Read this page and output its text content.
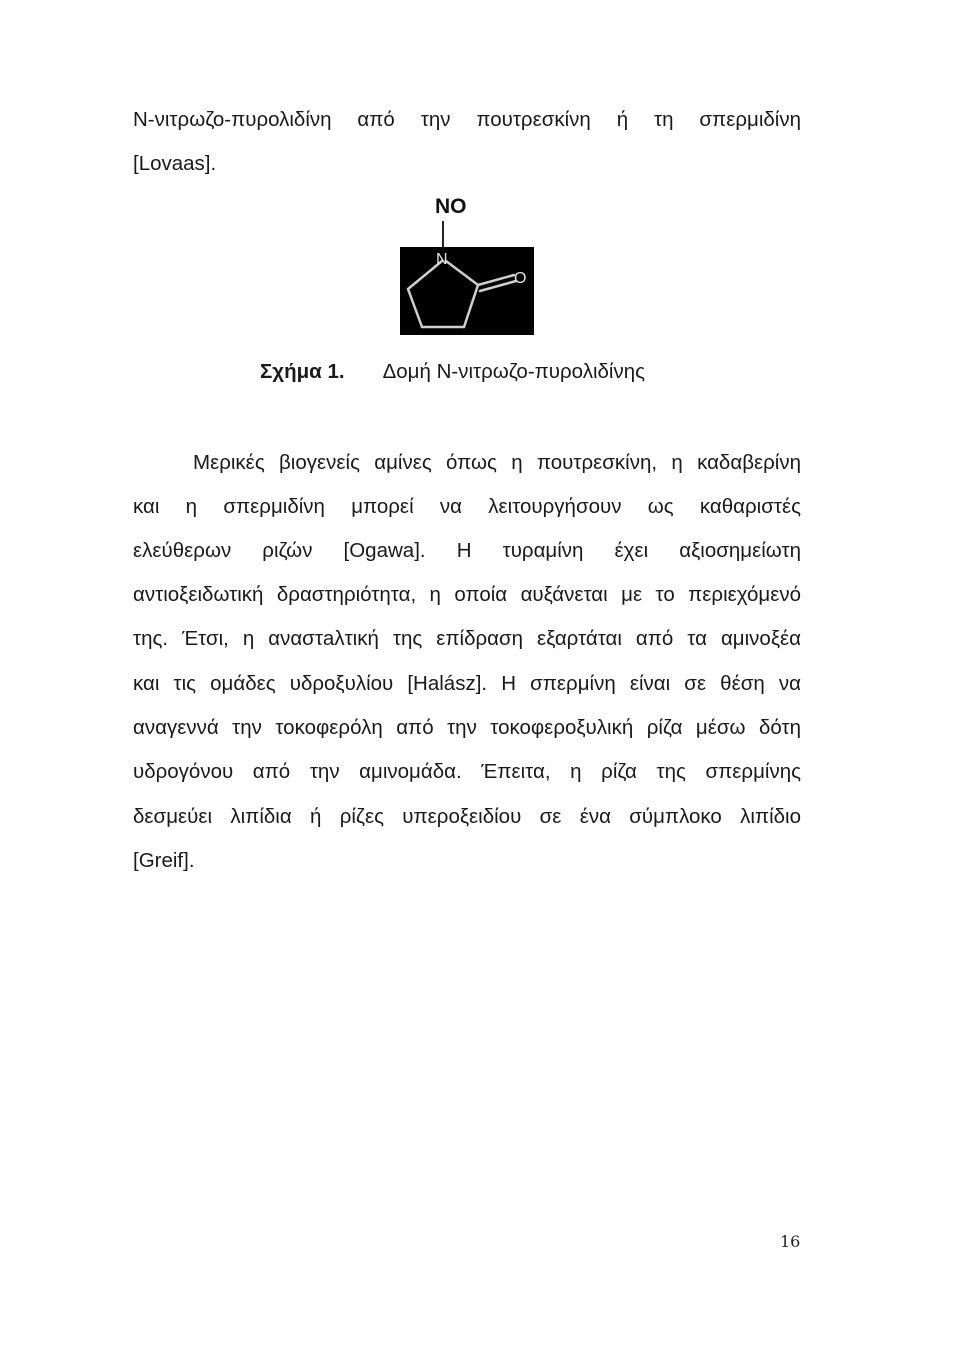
Ν-νιτρωζο-πυρολιδίνη από την πουτρεσκίνη ή τη σπερμιδίνη
[Lovaas].
NO
N
O
Σχήμα 1. Δομή Ν-νιτρωζο-πυρολιδίνης
Μερικές βιογενείς αμίνες όπως η πουτρεσκίνη, η καδαβερίνη
και η σπερμιδίνη μπορεί να λειτουργήσουν ως καθαριστές
ελεύθερων ριζών [Ogawa]. Η τυραμίνη έχει αξιοσημείωτη
αντιοξειδωτική δραστηριότητα, η οποία αυξάνεται με το περιεχόμενό
της. Έτσι, η αναστaλτική της επίδραση εξαρτάται από τα αμινοξέα
και τις ομάδες υδροξυλίου [Halász]. Η σπερμίνη είναι σε θέση να
αναγεννά την τοκοφερόλη από την τοκοφεροξυλική ρίζα μέσω δότη
υδρογόνου από την αμινομάδα. Έπειτα, η ρίζα της σπερμίνης
δεσμεύει λιπίδια ή ρίζες υπεροξειδίου σε ένα σύμπλοκο λιπίδιο
[Greif].
16
